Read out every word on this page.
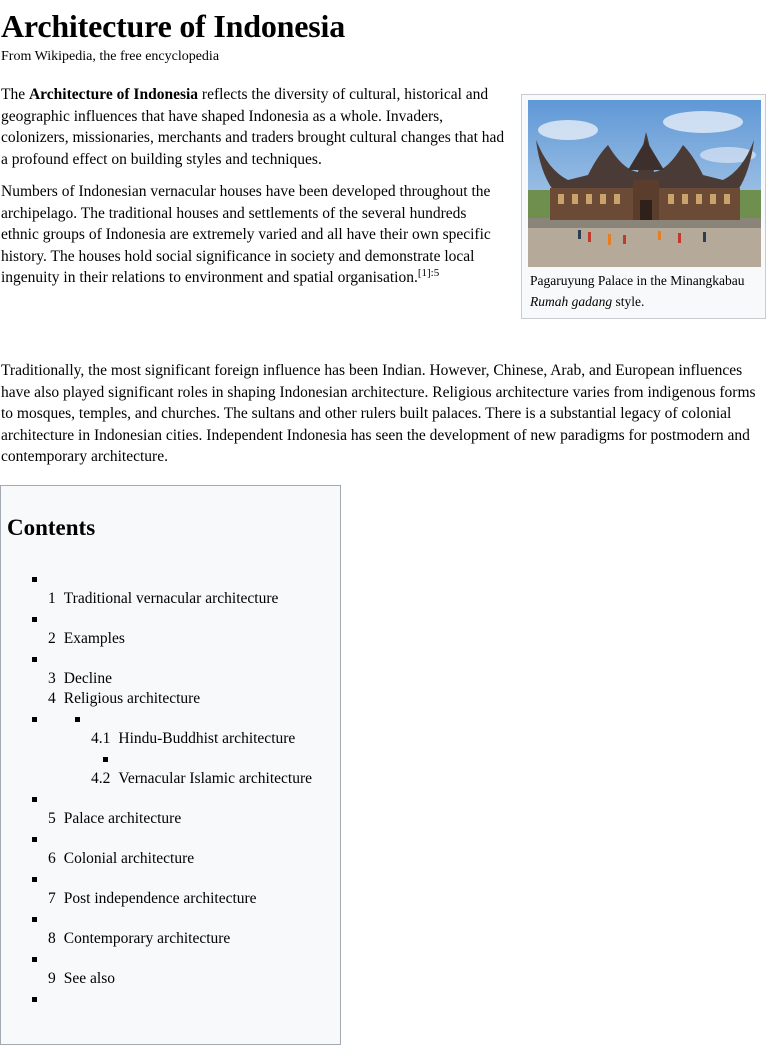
Architecture of Indonesia
From Wikipedia, the free encyclopedia

The Architecture of Indonesia reflects the diversity of cultural, historical and geographic influences that have shaped Indonesia as a whole. Invaders, colonizers, missionaries, merchants and traders brought cultural changes that had a profound effect on building styles and techniques.

Numbers of Indonesian vernacular houses have been developed throughout the archipelago. The traditional houses and settlements of the several hundreds ethnic groups of Indonesia are extremely varied and all have their own specific history. The houses hold social significance in society and demonstrate local ingenuity in their relations to environment and spatial organisation.$^{[1]:5}$

Pagaruyung Palace in the Minangkabau Rumah gadang style.

Traditionally, the most significant foreign influence has been Indian. However, Chinese, Arab, and European influences have also played significant roles in shaping Indonesian architecture. Religious architecture varies from indigenous forms to mosques, temples, and churches. The sultans and other rulers built palaces. There is a substantial legacy of colonial architecture in Indonesian cities. Independent Indonesia has seen the development of new paradigms for postmodern and contemporary architecture.

Contents
1 Traditional vernacular architecture
2 Examples
3 Decline
4 Religious architecture
4.1 Hindu-Buddhist architecture
4.2 Vernacular Islamic architecture
5 Palace architecture
6 Colonial architecture
7 Post independence architecture
8 Contemporary architecture
9 See also
